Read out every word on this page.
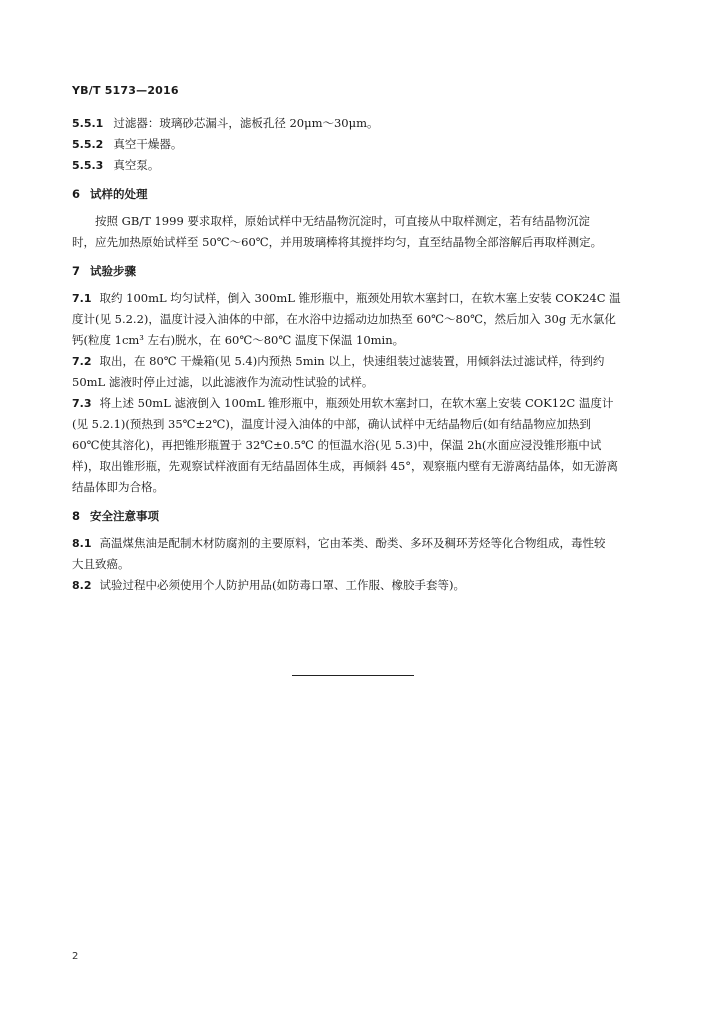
YB/T 5173—2016
5.5.1 过滤器：玻璃砂芯漏斗，滤板孔径 20μm～30μm。
5.5.2 真空干燥器。
5.5.3 真空泵。
6 试样的处理
按照 GB/T 1999 要求取样，原始试样中无结晶物沉淀时，可直接从中取样测定，若有结晶物沉淀
时，应先加热原始试样至 50℃～60℃，并用玻璃棒将其搅拌均匀，直至结晶物全部溶解后再取样测定。
7 试验步骤
7.1 取约 100mL 均匀试样，倒入 300mL 锥形瓶中，瓶颈处用软木塞封口，在软木塞上安装 COK24C 温
度计(见 5.2.2)，温度计浸入油体的中部，在水浴中边摇动边加热至 60℃～80℃，然后加入 30g 无水氯化
钙(粒度 1cm³ 左右)脱水，在 60℃～80℃ 温度下保温 10min。
7.2 取出，在 80℃ 干燥箱(见 5.4)内预热 5min 以上，快速组装过滤装置，用倾斜法过滤试样，待到约
50mL 滤液时停止过滤，以此滤液作为流动性试验的试样。
7.3 将上述 50mL 滤液倒入 100mL 锥形瓶中，瓶颈处用软木塞封口，在软木塞上安装 COK12C 温度计
(见 5.2.1)(预热到 35℃±2℃)，温度计浸入油体的中部，确认试样中无结晶物后(如有结晶物应加热到
60℃使其溶化)，再把锥形瓶置于 32℃±0.5℃ 的恒温水浴(见 5.3)中，保温 2h(水面应浸没锥形瓶中试
样)，取出锥形瓶，先观察试样液面有无结晶固体生成，再倾斜 45°，观察瓶内壁有无游离结晶体，如无游离
结晶体即为合格。
8 安全注意事项
8.1 高温煤焦油是配制木材防腐剂的主要原料，它由苯类、酚类、多环及稠环芳烃等化合物组成，毒性较
大且致癌。
8.2 试验过程中必须使用个人防护用品(如防毒口罩、工作服、橡胶手套等)。
2
